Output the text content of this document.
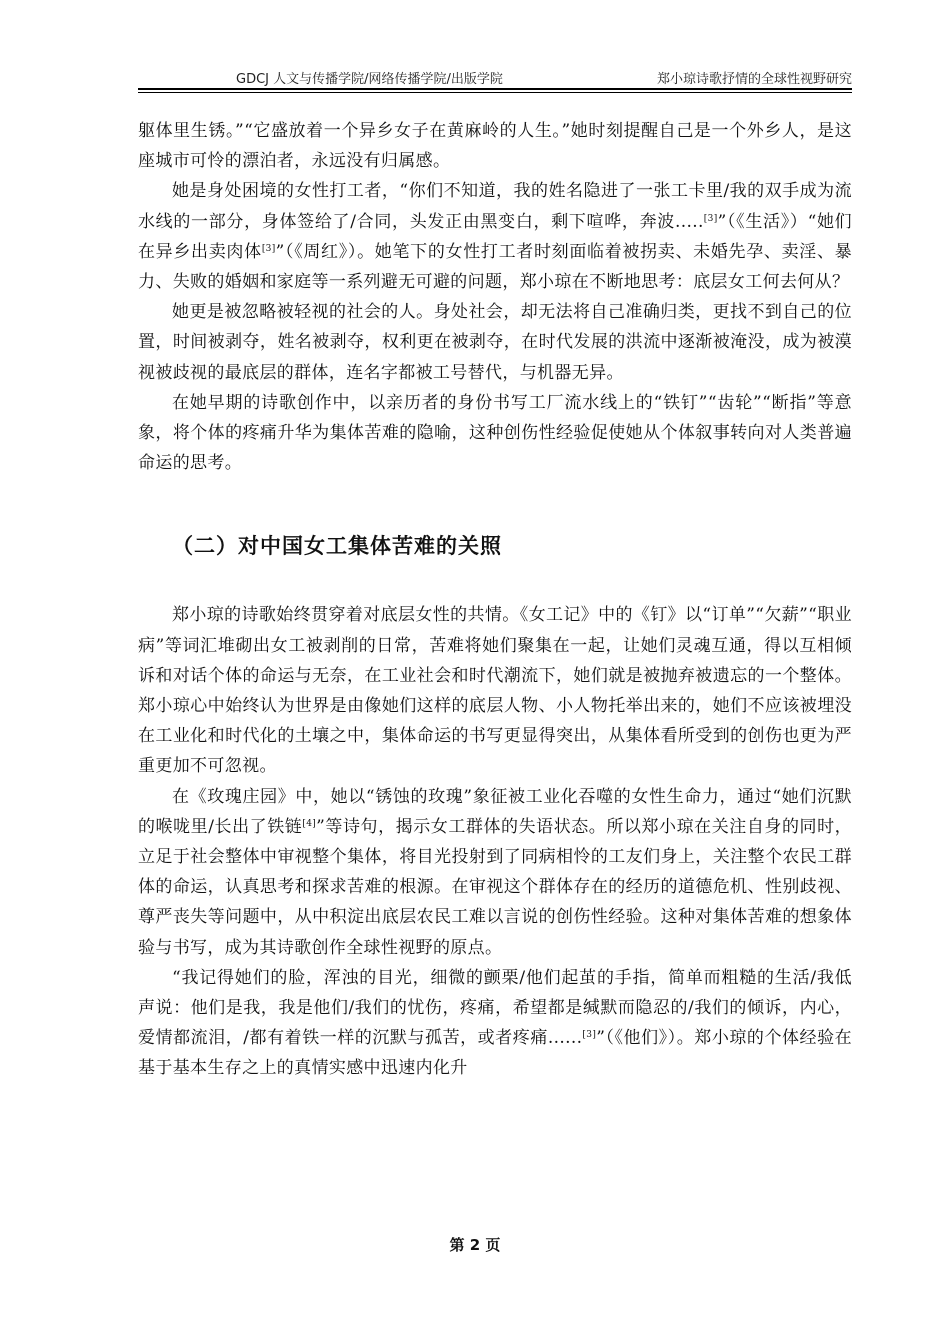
GDCJ 人文与传播学院/网络传播学院/出版学院	郑小琼诗歌抒情的全球性视野研究

躯体里生锈。”“它盛放着一个异乡女子在黄麻岭的人生。”她时刻提醒自己是一个外乡人，是这座城市可怜的漂泊者，永远没有归属感。

她是身处困境的女性打工者，“你们不知道，我的姓名隐进了一张工卡里/我的双手成为流水线的一部分，身体签给了/合同，头发正由黑变白，剩下喧哗，奔波.....[3]”（《生活》）“她们在异乡出卖肉体[3]”（《周红》）。她笔下的女性打工者时刻面临着被拐卖、未婚先孕、卖淫、暴力、失败的婚姻和家庭等一系列避无可避的问题，郑小琼在不断地思考：底层女工何去何从？

她更是被忽略被轻视的社会的人。身处社会，却无法将自己准确归类，更找不到自己的位置，时间被剥夺，姓名被剥夺，权利更在被剥夺，在时代发展的洪流中逐渐被淹没，成为被漠视被歧视的最底层的群体，连名字都被工号替代，与机器无异。

在她早期的诗歌创作中，以亲历者的身份书写工厂流水线上的“铁钉”“齿轮”“断指”等意象，将个体的疼痛升华为集体苦难的隐喻，这种创伤性经验促使她从个体叙事转向对人类普遍命运的思考。

（二）对中国女工集体苦难的关照

郑小琼的诗歌始终贯穿着对底层女性的共情。《女工记》中的《钉》以“订单”“欠薪”“职业病”等词汇堆砌出女工被剥削的日常，苦难将她们聚集在一起，让她们灵魂互通，得以互相倾诉和对话个体的命运与无奈，在工业社会和时代潮流下，她们就是被抛弃被遗忘的一个整体。郑小琼心中始终认为世界是由像她们这样的底层人物、小人物托举出来的，她们不应该被埋没在工业化和时代化的土壤之中，集体命运的书写更显得突出，从集体看所受到的创伤也更为严重更加不可忽视。

在《玫瑰庄园》中，她以“锈蚀的玫瑰”象征被工业化吞噬的女性生命力，通过“她们沉默的喉咙里/长出了铁链[4]”等诗句，揭示女工群体的失语状态。所以郑小琼在关注自身的同时，立足于社会整体中审视整个集体，将目光投射到了同病相怜的工友们身上，关注整个农民工群体的命运，认真思考和探求苦难的根源。在审视这个群体存在的经历的道德危机、性别歧视、尊严丧失等问题中，从中积淀出底层农民工难以言说的创伤性经验。这种对集体苦难的想象体验与书写，成为其诗歌创作全球性视野的原点。

“我记得她们的脸，浑浊的目光，细微的颤栗/他们起茧的手指，简单而粗糙的生活/我低声说：他们是我，我是他们/我们的忧伤，疼痛，希望都是缄默而隐忍的/我们的倾诉，内心，爱情都流泪，/都有着铁一样的沉默与孤苦，或者疼痛......[3]”（《他们》）。郑小琼的个体经验在基于基本生存之上的真情实感中迅速内化升

第 2 页
